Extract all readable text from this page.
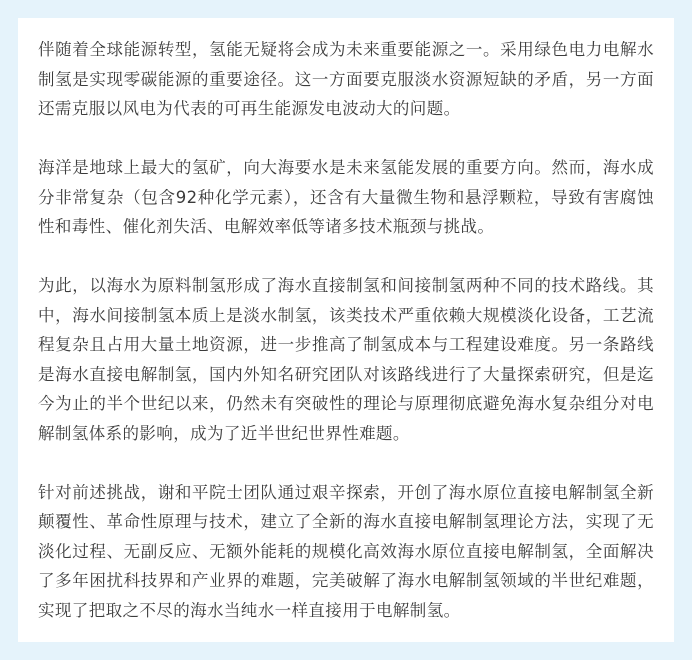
伴随着全球能源转型，氢能无疑将会成为未来重要能源之一。采用绿色电力电解水制氢是实现零碳能源的重要途径。这一方面要克服淡水资源短缺的矛盾，另一方面还需克服以风电为代表的可再生能源发电波动大的问题。

海洋是地球上最大的氢矿，向大海要水是未来氢能发展的重要方向。然而，海水成分非常复杂（包含92种化学元素），还含有大量微生物和悬浮颗粒，导致有害腐蚀性和毒性、催化剂失活、电解效率低等诸多技术瓶颈与挑战。

为此，以海水为原料制氢形成了海水直接制氢和间接制氢两种不同的技术路线。其中，海水间接制氢本质上是淡水制氢，该类技术严重依赖大规模淡化设备，工艺流程复杂且占用大量土地资源，进一步推高了制氢成本与工程建设难度。另一条路线是海水直接电解制氢，国内外知名研究团队对该路线进行了大量探索研究，但是迄今为止的半个世纪以来，仍然未有突破性的理论与原理彻底避免海水复杂组分对电解制氢体系的影响，成为了近半世纪世界性难题。

针对前述挑战，谢和平院士团队通过艰辛探索，开创了海水原位直接电解制氢全新颠覆性、革命性原理与技术，建立了全新的海水直接电解制氢理论方法，实现了无淡化过程、无副反应、无额外能耗的规模化高效海水原位直接电解制氢，全面解决了多年困扰科技界和产业界的难题，完美破解了海水电解制氢领域的半世纪难题，实现了把取之不尽的海水当纯水一样直接用于电解制氢。
